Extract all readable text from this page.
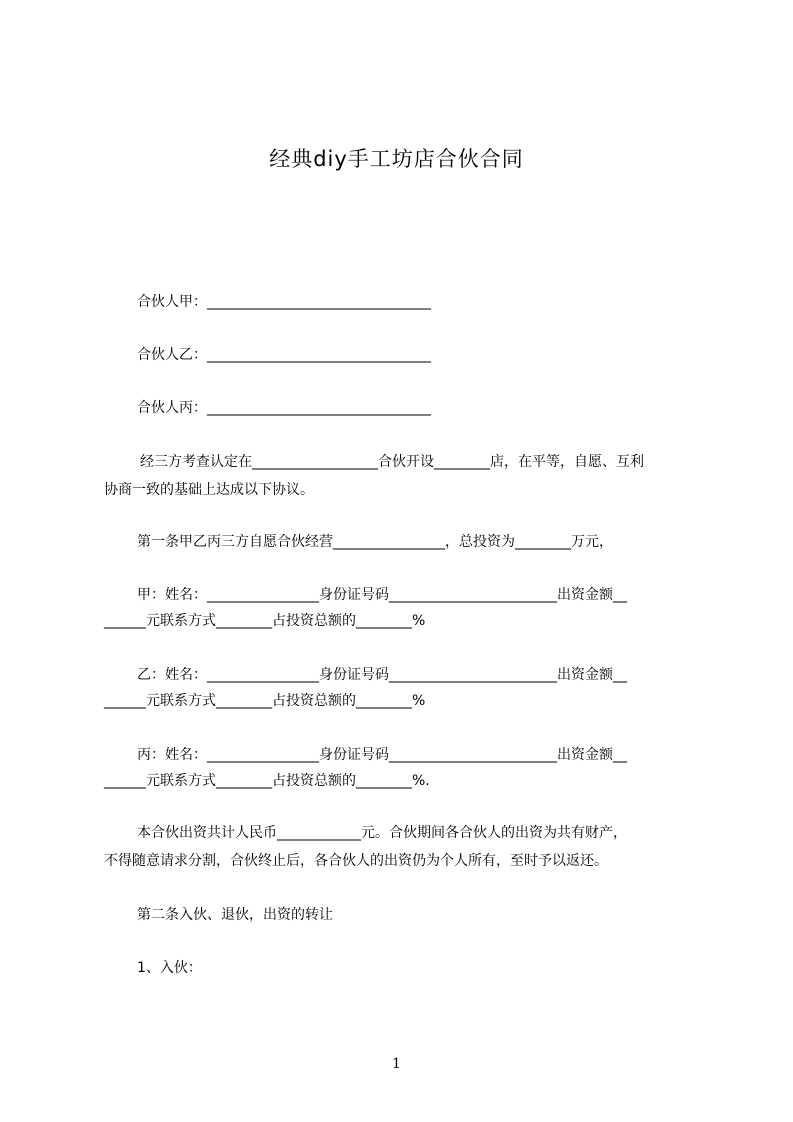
经典diy手工坊店合伙合同
合伙人甲：________________________________
合伙人乙：________________________________
合伙人丙：________________________________
经三方考查认定在__________________合伙开设________店，在平等，自愿、互利
协商一致的基础上达成以下协议。
第一条甲乙丙三方自愿合伙经营________________，总投资为________万元，
甲：姓名：________________身份证号码________________________出资金额__
______元联系方式________占投资总额的________%
乙：姓名：________________身份证号码________________________出资金额__
______元联系方式________占投资总额的________%
丙：姓名：________________身份证号码________________________出资金额__
______元联系方式________占投资总额的________%.
本合伙出资共计人民币____________元。合伙期间各合伙人的出资为共有财产，
不得随意请求分割，合伙终止后，各合伙人的出资仍为个人所有，至时予以返还。
第二条入伙、退伙，出资的转让
1、入伙：
1
